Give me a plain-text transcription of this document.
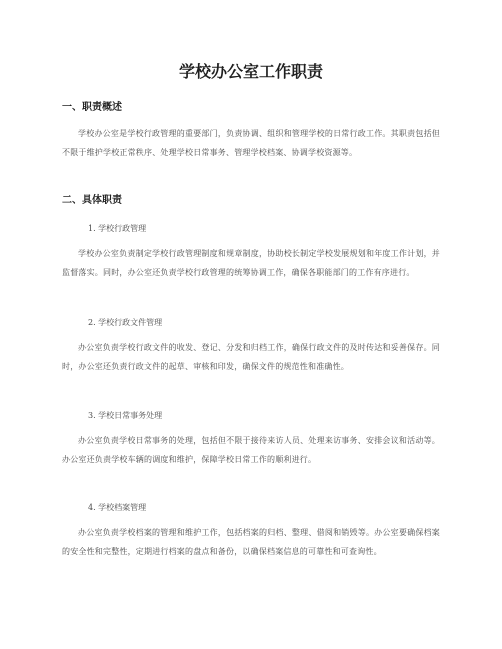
学校办公室工作职责
一、职责概述

学校办公室是学校行政管理的重要部门，负责协调、组织和管理学校的日常行政工作。其职责包括但不限于维护学校正常秩序、处理学校日常事务、管理学校档案、协调学校资源等。

二、具体职责

1. 学校行政管理

学校办公室负责制定学校行政管理制度和规章制度，协助校长制定学校发展规划和年度工作计划，并监督落实。同时，办公室还负责学校行政管理的统筹协调工作，确保各职能部门的工作有序进行。

2. 学校行政文件管理

办公室负责学校行政文件的收发、登记、分发和归档工作，确保行政文件的及时传达和妥善保存。同时，办公室还负责行政文件的起草、审核和印发，确保文件的规范性和准确性。

3. 学校日常事务处理

办公室负责学校日常事务的处理，包括但不限于接待来访人员、处理来访事务、安排会议和活动等。办公室还负责学校车辆的调度和维护，保障学校日常工作的顺利进行。

4. 学校档案管理

办公室负责学校档案的管理和维护工作，包括档案的归档、整理、借阅和销毁等。办公室要确保档案的安全性和完整性，定期进行档案的盘点和备份，以确保档案信息的可靠性和可查询性。
